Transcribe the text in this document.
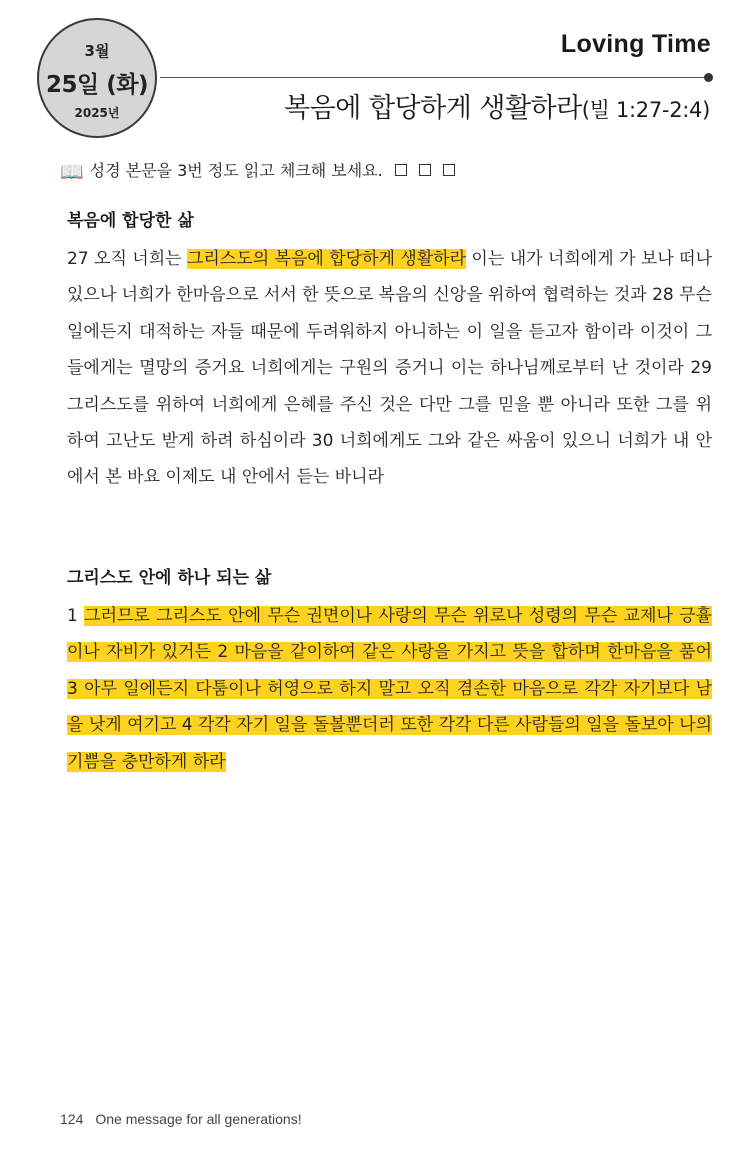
3월
25일 (화)
2025년
Loving Time
복음에 합당하게 생활하라(빌 1:27-2:4)
📖 성경 본문을 3번 정도 읽고 체크해 보세요.
복음에 합당한 삶

27 오직 너희는 그리스도의 복음에 합당하게 생활하라 이는 내가 너희에게 가 보나 떠나 있으나 너희가 한마음으로 서서 한 뜻으로 복음의 신앙을 위하여 협력하는 것과 28 무슨 일에든지 대적하는 자들 때문에 두려워하지 아니하는 이 일을 듣고자 함이라 이것이 그들에게는 멸망의 증거요 너희에게는 구원의 증거니 이는 하나님께로부터 난 것이라 29 그리스도를 위하여 너희에게 은혜를 주신 것은 다만 그를 믿을 뿐 아니라 또한 그를 위하여 고난도 받게 하려 하심이라 30 너희에게도 그와 같은 싸움이 있으니 너희가 내 안에서 본 바요 이제도 내 안에서 듣는 바니라

그리스도 안에 하나 되는 삶

1 그러므로 그리스도 안에 무슨 권면이나 사랑의 무슨 위로나 성령의 무슨 교제나 긍휼이나 자비가 있거든 2 마음을 같이하여 같은 사랑을 가지고 뜻을 합하며 한마음을 품어 3 아무 일에든지 다툼이나 허영으로 하지 말고 오직 겸손한 마음으로 각각 자기보다 남을 낫게 여기고 4 각각 자기 일을 돌볼뿐더러 또한 각각 다른 사람들의 일을 돌보아 나의 기쁨을 충만하게 하라

124 One message for all generations!
